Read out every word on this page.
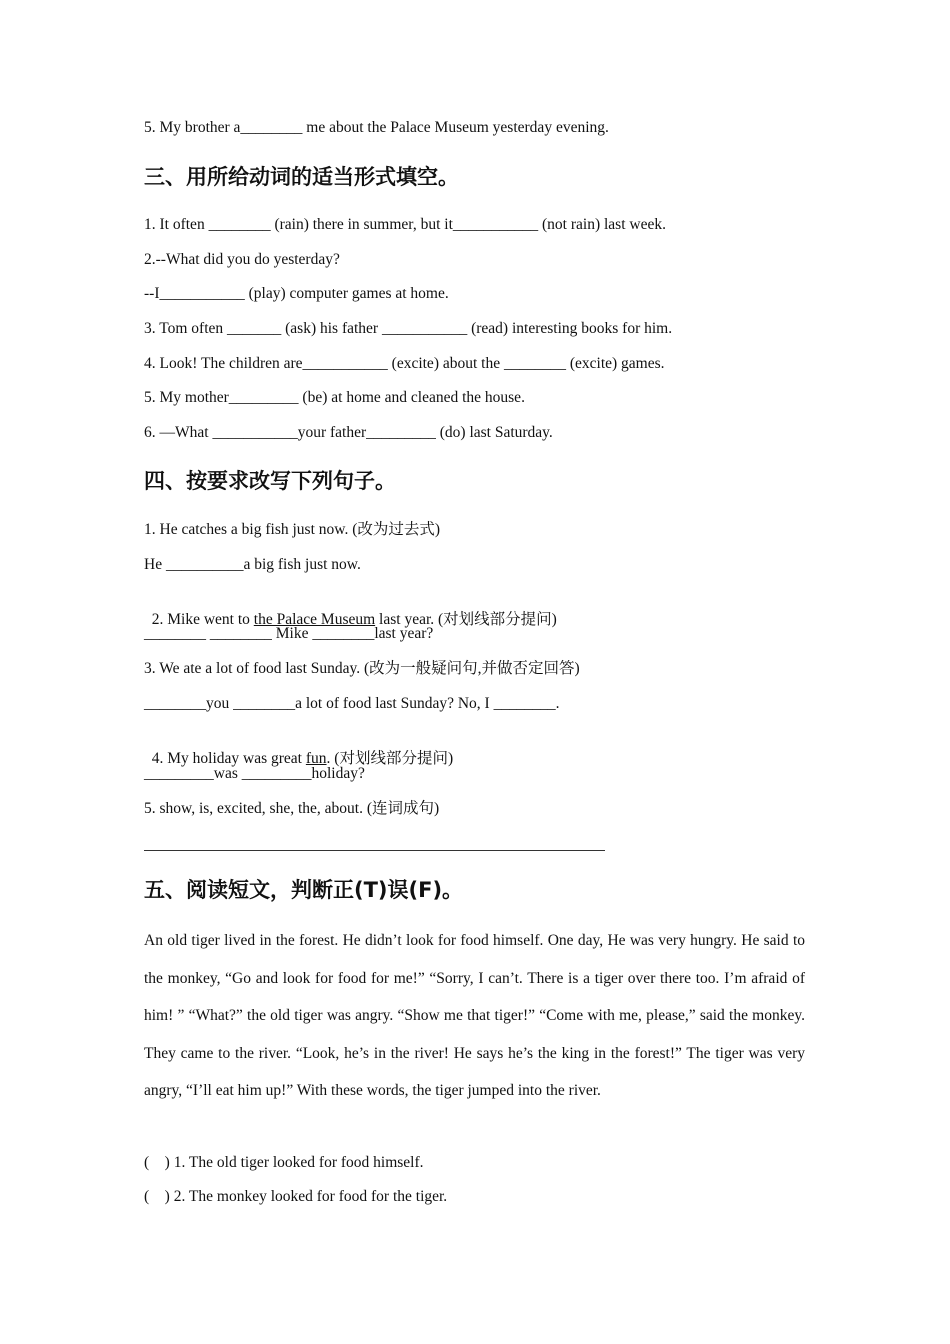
5. My brother a________ me about the Palace Museum yesterday evening.
三、用所给动词的适当形式填空。
1. It often ________ (rain) there in summer, but it___________ (not rain) last week.
2.--What did you do yesterday?
--I___________ (play) computer games at home.
3. Tom often _______ (ask) his father ___________ (read) interesting books for him.
4. Look! The children are___________ (excite) about the ________ (excite) games.
5. My mother_________ (be) at home and cleaned the house.
6. —What ___________your father_________ (do) last Saturday.
四、按要求改写下列句子。
1. He catches a big fish just now. (改为过去式)
He __________a big fish just now.

2. Mike went to the Palace Museum last year. (对划线部分提问)

________ ________ Mike ________last year?
3. We ate a lot of food last Sunday. (改为一般疑问句,并做否定回答)
________you ________a lot of food last Sunday? No, I ________.

4. My holiday was great fun. (对划线部分提问)

_________was _________holiday?
5. show, is, excited, she, the, about. (连词成句)
五、阅读短文，判断正(T)误(F)。
An old tiger lived in the forest. He didn’t look for food himself. One day, He was very hungry. He said to the monkey, “Go and look for food for me!” “Sorry, I can’t. There is a tiger over there too. I’m afraid of him! ” “What?” the old tiger was angry. “Show me that tiger!” “Come with me, please,” said the monkey. They came to the river. “Look, he’s in the river! He says he’s the king in the forest!” The tiger was very angry, “I’ll eat him up!” With these words, the tiger jumped into the river.
(    ) 1. The old tiger looked for food himself.
(    ) 2. The monkey looked for food for the tiger.
